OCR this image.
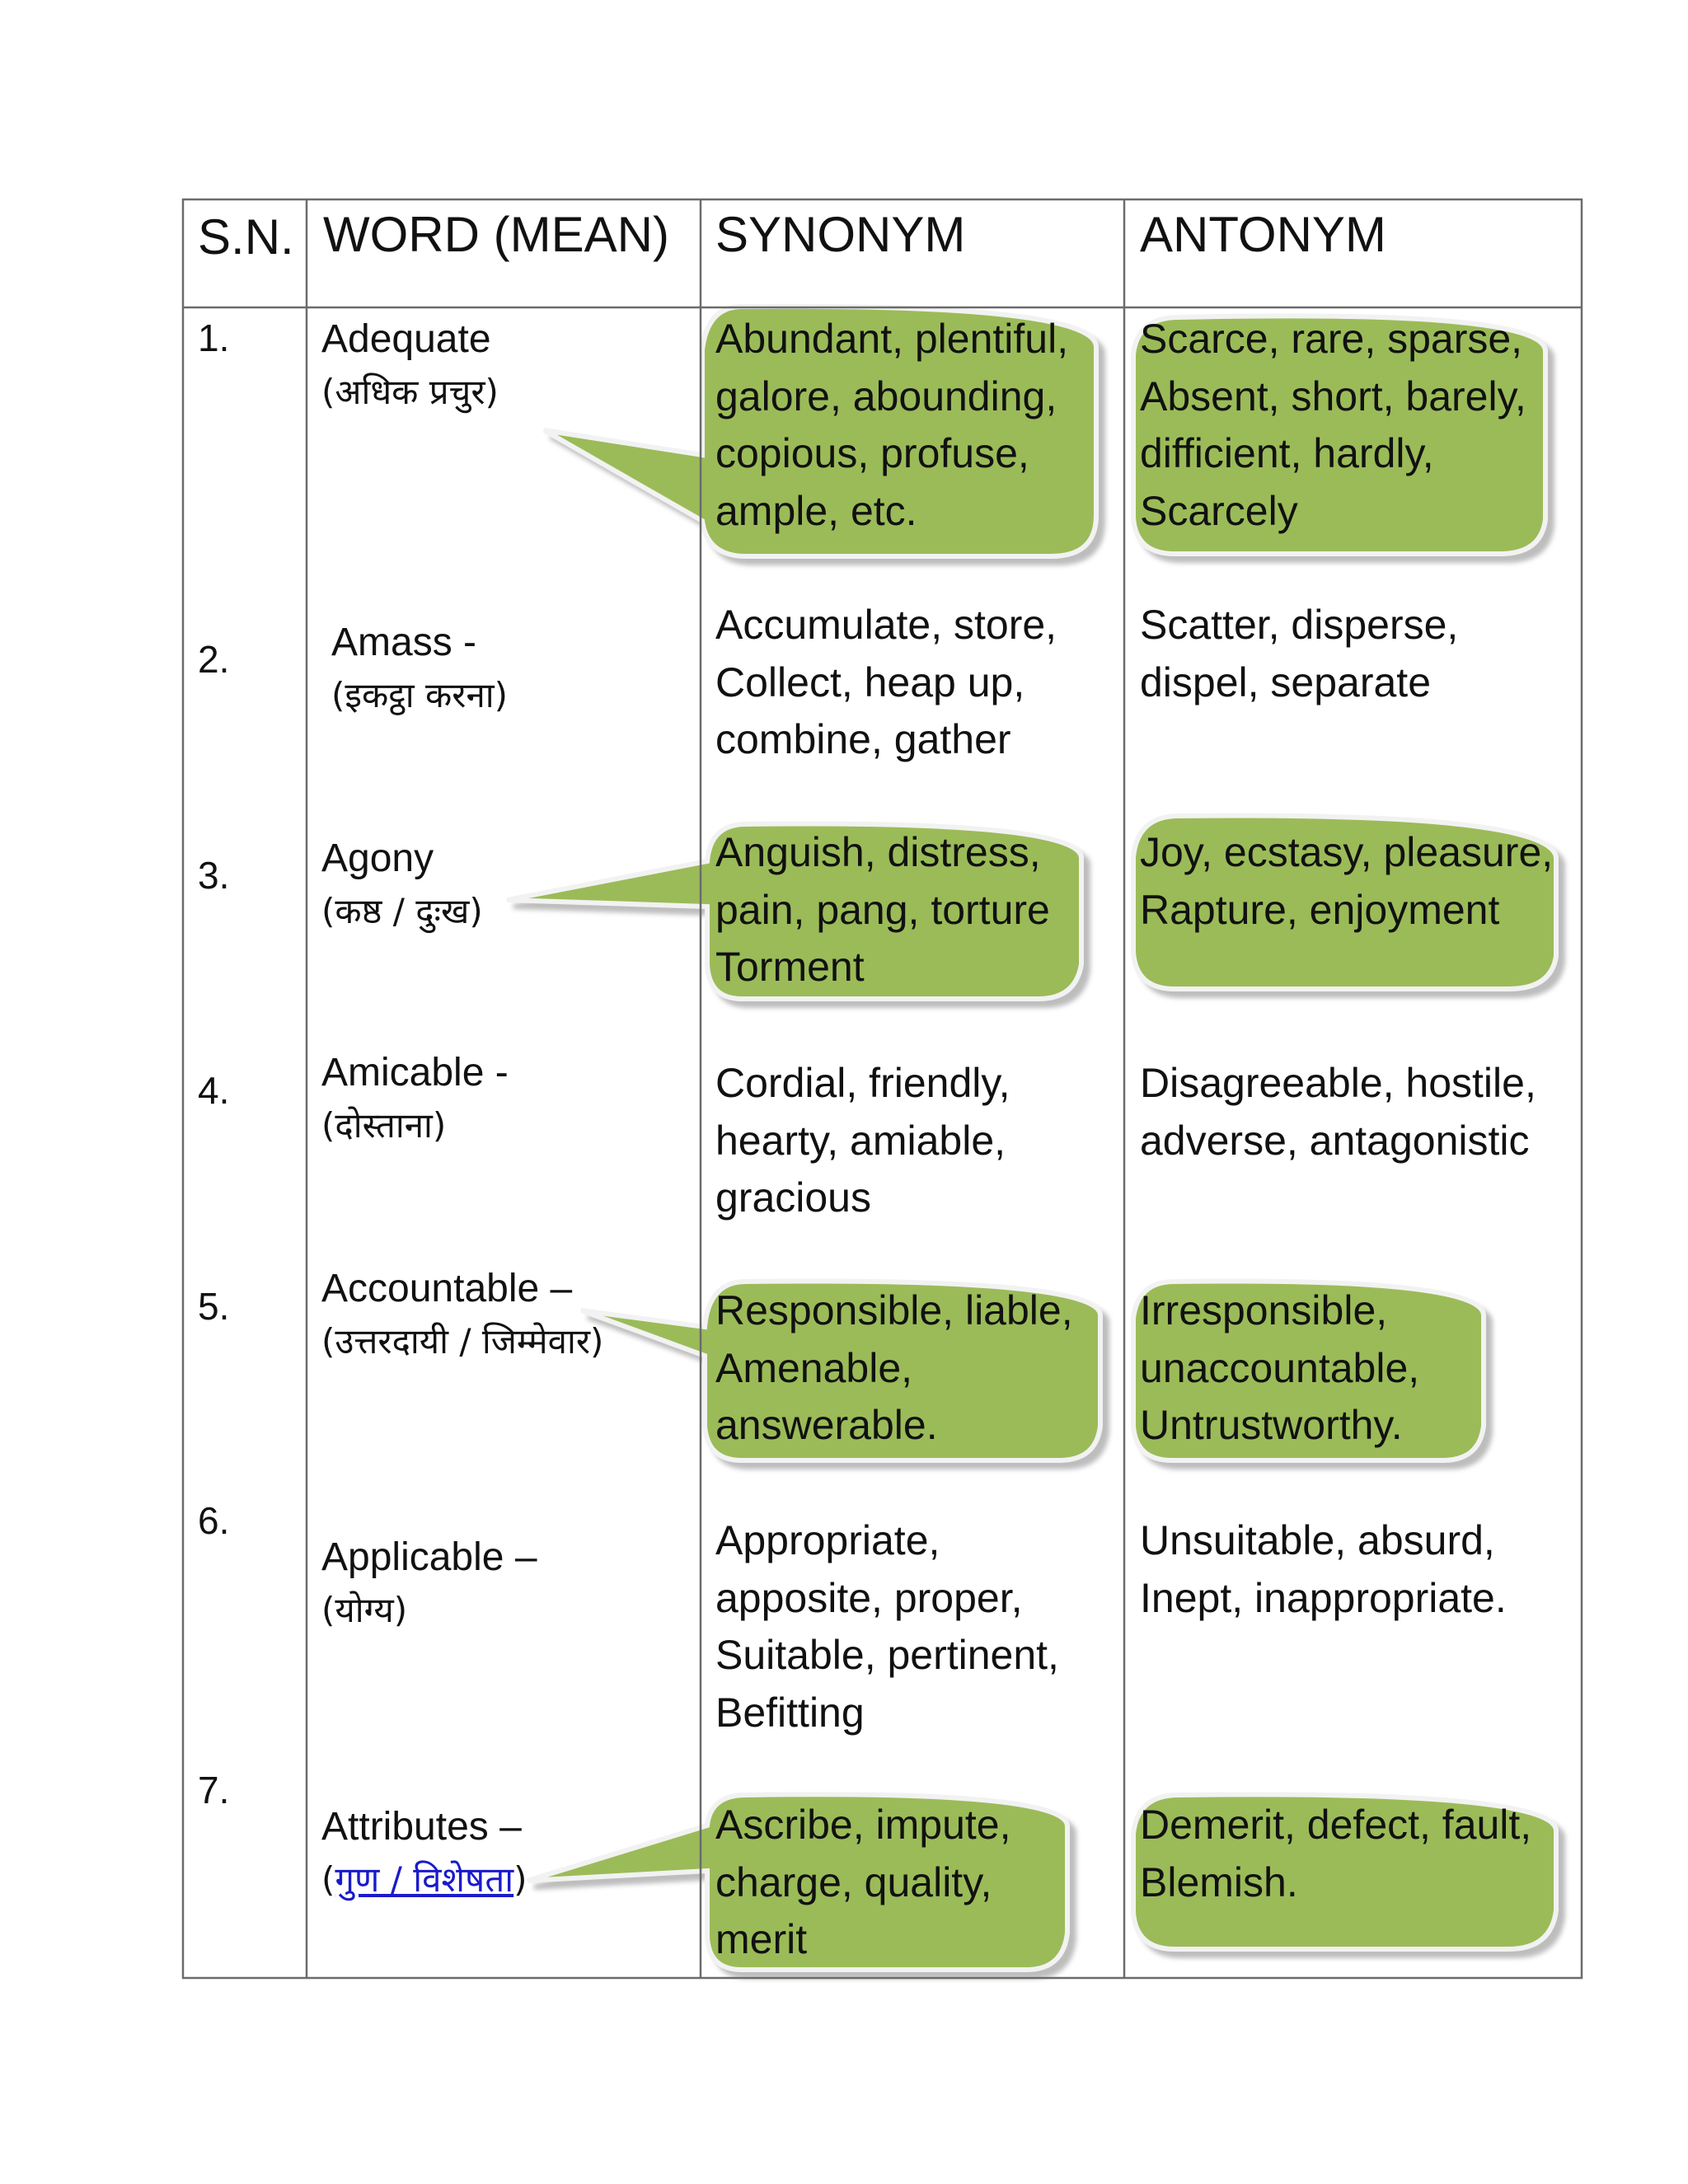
S.N. WORD (MEAN) SYNONYM	ANTONYM
1. Adequate
(अधिक प्रचुर)
Abundant, plentiful,
galore, abounding,
copious, profuse,
ample, etc.
Scarce, rare, sparse,
Absent, short, barely,
difficient, hardly,
Scarcely
2.	Amass -
(इकट्ठा करना)
Accumulate, store,
Collect, heap up,
combine, gather
Scatter, disperse,
dispel, separate
3. Agony
(कष्ठ / दुःख)
Anguish, distress,
pain, pang, torture
Torment
Joy, ecstasy, pleasure,
Rapture, enjoyment
4. Amicable -
(दोस्ताना)
Cordial, friendly,
hearty, amiable,
gracious
Disagreeable, hostile,
adverse, antagonistic
5. Accountable –
(उत्तरदायी / जिम्मेवार)
Responsible, liable,
Amenable,
answerable.
Irresponsible,
unaccountable,
Untrustworthy.
6.
Applicable –
(योग्य)
Appropriate,
apposite, proper,
Suitable, pertinent,
Befitting
Unsuitable, absurd,
Inept, inappropriate.
7.
Attributes –
(गुण / विशेषता)
Ascribe, impute,
charge, quality,
merit
Demerit, defect, fault,
Blemish.
